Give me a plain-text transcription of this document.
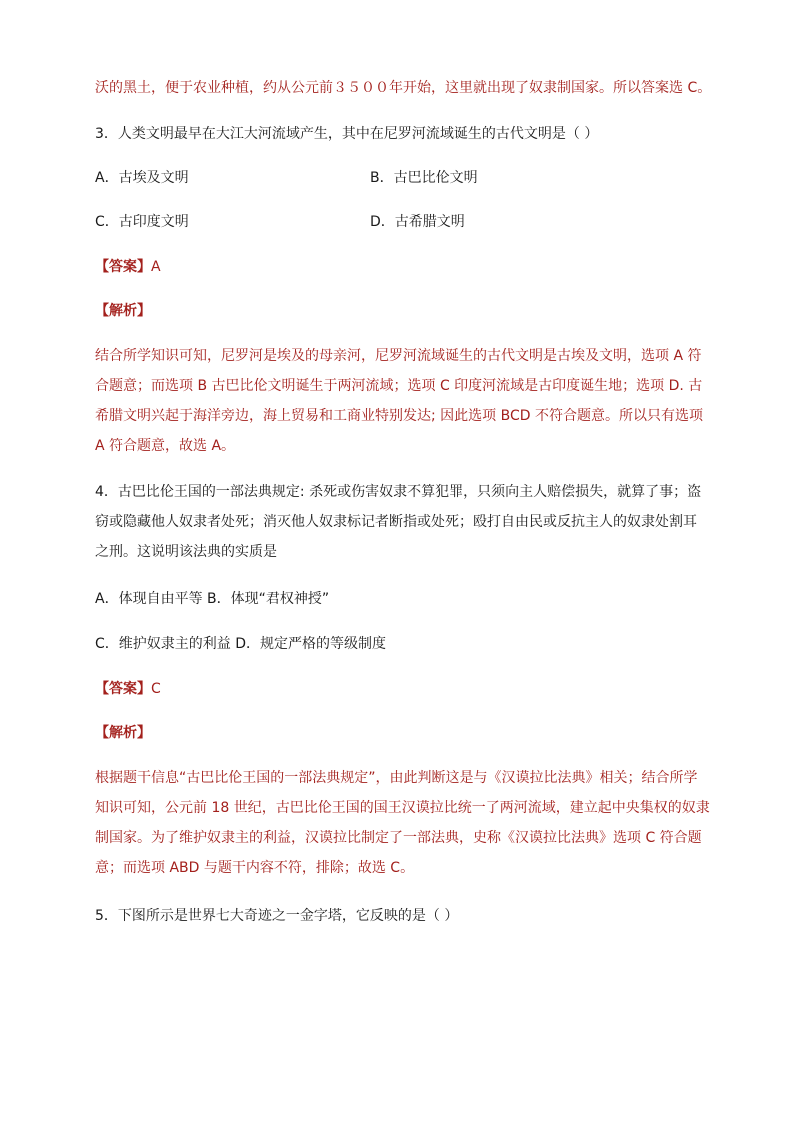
沃的黑土，便于农业种植，约从公元前３５００年开始，这里就出现了奴隶制国家。所以答案选 C。
3．人类文明最早在大江大河流域产生，其中在尼罗河流域诞生的古代文明是（ ）
A．古埃及文明	B．古巴比伦文明
C．古印度文明	D．古希腊文明
【答案】A
【解析】
结合所学知识可知，尼罗河是埃及的母亲河，尼罗河流域诞生的古代文明是古埃及文明，选项 A 符
合题意；而选项 B 古巴比伦文明诞生于两河流域；选项 C 印度河流域是古印度诞生地；选项 D. 古
希腊文明兴起于海洋旁边，海上贸易和工商业特别发达; 因此选项 BCD 不符合题意。所以只有选项
A 符合题意，故选 A。
4．古巴比伦王国的一部法典规定: 杀死或伤害奴隶不算犯罪，只须向主人赔偿损失，就算了事；盗
窃或隐藏他人奴隶者处死；消灭他人奴隶标记者断指或处死；殴打自由民或反抗主人的奴隶处割耳
之刑。这说明该法典的实质是
A．体现自由平等 B．体现“君权神授”
C．维护奴隶主的利益 D．规定严格的等级制度
【答案】C
【解析】
根据题干信息“古巴比伦王国的一部法典规定”，由此判断这是与《汉谟拉比法典》相关；结合所学
知识可知，公元前 18 世纪，古巴比伦王国的国王汉谟拉比统一了两河流域，建立起中央集权的奴隶
制国家。为了维护奴隶主的利益，汉谟拉比制定了一部法典，史称《汉谟拉比法典》选项 C 符合题
意；而选项 ABD 与题干内容不符，排除；故选 C。
5．下图所示是世界七大奇迹之一金字塔，它反映的是（ ）
